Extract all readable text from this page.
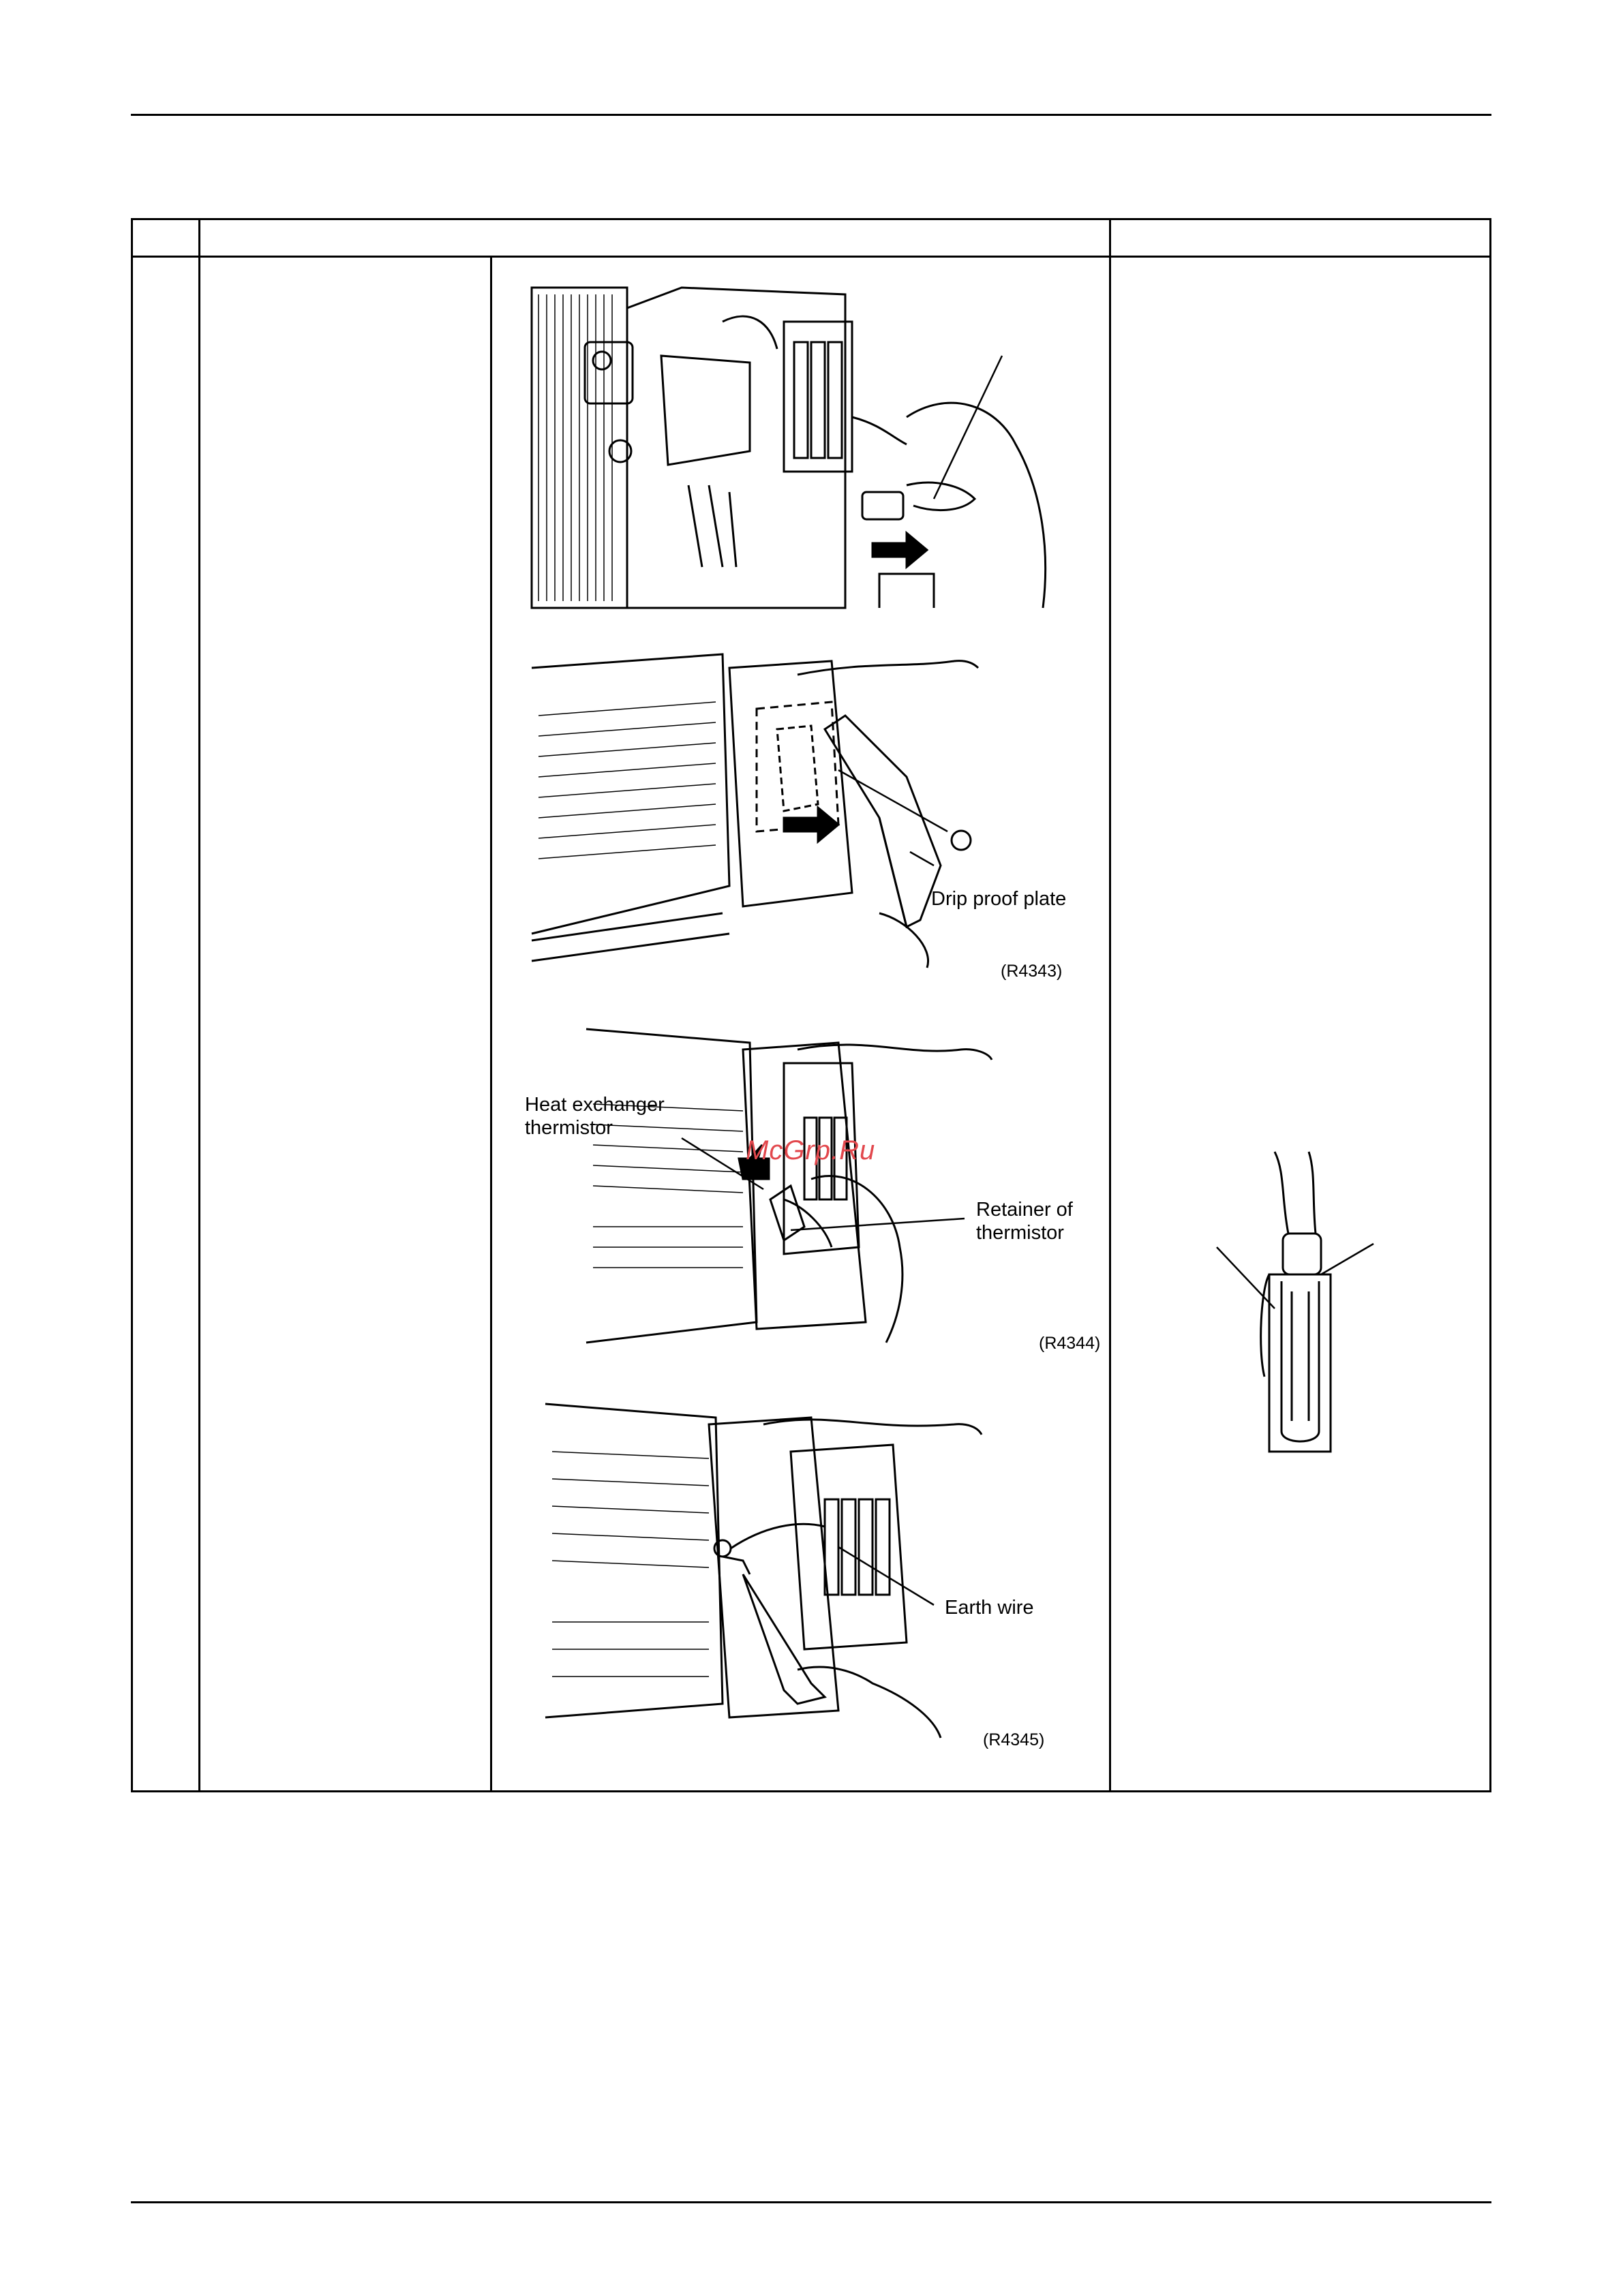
Drip proof plate
(R4343)
Heat exchanger
thermistor
Retainer of
thermistor
(R4344)
McGrp.Ru
Earth wire
(R4345)
